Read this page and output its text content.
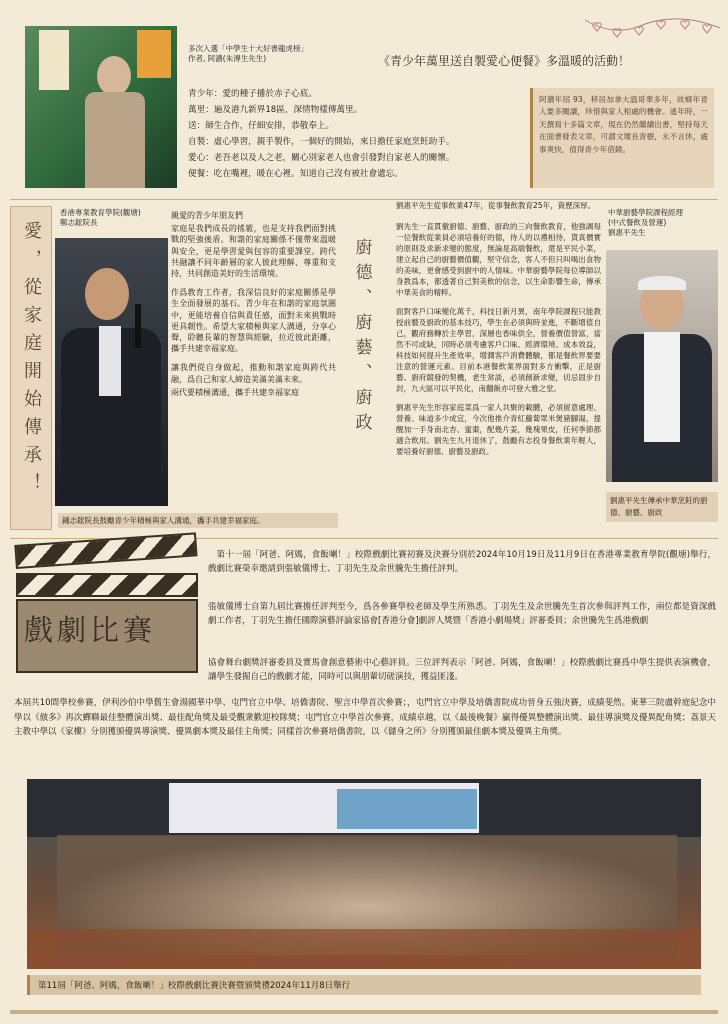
多次入選「中學生十大好書龍虎榜」
作者, 阿濃(朱溥生先生)	《青少年萬里送自製愛心便餐》多溫暖的活動！
青少年：愛的種子播於赤子心底。
萬里：遍及港九新界18區，深情物樣傳萬里。
送：師生合作，仔細安排，恭敬奉上。
自製：虛心學習，親手製作，一個好的開始，來日擔任家庭烹飪助手。
愛心：老吾老以及人之老，關心別家老人也會引發對自家老人的關懷。
便餐：吃在嘴裡，暖在心裡。知道自己沒有被社會遺忘。
阿濃年屆 93，移居加拿大溫哥華多年，故鄉年青人要多關讀，珍惜與家人相處的機會。遙年時，一天撰寫十多篇文章，現在仍然繼續出書，堅持每天在面書發表文章，可謂文壇長青樹，永不言休，處事爽快，值得青少年借鏡。
愛，從家庭開始傳承！
香港專業教育學院(觀塘)
鄭志鋐院長
親愛的青少年朋友們
家庭是我們成長的搖籃，也是支持我們面對挑戰的堅強後盾。和諧的家庭關係不僅帶來溫暖與安全，更是學習愛與包容的重要課堂。跨代共融讓不同年齡層的家人彼此理解、尊重和支持，共同創造美好的生活環境。
作爲教育工作者，我深信良好的家庭關係是學生全面發展的基石。青少年在和諧的家庭氛圍中，更能培養自信與責任感，面對未來挑戰時更具韌性。希望大家積極與家人溝通，分享心聲，聆聽長輩的智慧與經驗，拉近彼此距離，攜手共建幸福家庭。
讓我們從自身做起，推動和諧家庭與跨代共融，爲自己和家人締造美滿美滿未來。
兩代要積極溝通，攜手共建幸福家庭
鍾志鋐院長鼓勵青少年積極與家人溝通，攜手共建幸福家庭。
廚德、廚藝、廚政
劉惠平先生從事飲業47年，從事餐飲教育25年，資歷深厚。
劉先生一直貫徹廚德、廚藝、廚政的三向餐飲教育，他強調每一位餐飲從業員必須培養好的德，待人的以禮相待，貨真價實的原則及求新求變的態度，無論是高端餐飲，還是平民小菜，建立起自己的廚藝價值觀，堅守信念，客人不但只叫喝出食物的美味，更會感受到廚中的人情味。中華廚藝學院每位導師以身教爲本，都透著自己對美飲的信念，以生命影響生命，傳承中華美食的精粹。
面對客戶口味變化萬千，科技日新月異，南年學院課程只能教授前藝及廚政的基本技巧，學生在必須與時並進，不斷增值自己，觀府務轉於主學習，深層也香味供全，營養價值營富，當然不可或缺，同時必須考慮客戶口味、經濟環境、成本效益，科技如何提升生產效率，增潤客戶消費體驗，都是餐飲界要要注意的營運元素。目前本港餐飲業界面對多方衝擊，正是廚藝、廚府競發的契機，老生常談，必須創新求變，切忌固步自封，九大區可以平民化，南翻飯亦可登大雅之堂。
劉惠平先生形容家庭菜爲一家人共聚的載體，必須留意處理、營養、味道多少成宜，今次他推介青紅蘿蔔眾米煲豬腳湯，提醒加一手身南北杏、蜜棗，配幾片姜，幾塊果皮，任何季節都適合飲用。劉先生九月退休了，鼓勵有志投身餐飲業年輕人，要培養好廚德、廚藝及廚政。
中華廚藝學院課程經理
(中式餐飲及營運)
劉惠平先生
劉惠平先生傳承中華烹飪的廚德、廚藝、廚政
戲劇比賽
第十一屆「阿爸、阿媽，食飯喇！」校際戲劇比賽初賽及決賽分別於2024年10月19日及11月9日在香港專業教育學院(觀塘)舉行，戲劇比賽榮幸邀請到張敏儀博士、丁羽先生及余世騰先生擔任評判。
張敏儀博士自第九屆比賽擔任評判至今，爲各參賽學校老師及學生所熟悉。丁羽先生及余世騰先生首次參與評判工作，兩位都是資深戲劇工作者，丁羽先生擔任國際演藝評論家協會[香港分會]劇評人獎暨「香港小劇場獎」評審委員；余世騰先生爲港戲劇
協會舞台劇獎評審委員及實馬會創意藝術中心藝評員。三位評判表示「阿爸、阿媽，食飯喇！」校際戲劇比賽爲中學生提供表演機會，讓學生發掘自己的戲劇才能，同時可以與朋輩切磋演技，獲益匪淺。
本屆共10間學校參賽，伊利沙伯中學舊生會湯國華中學、屯門官立中學、培僑書院、聖言中學首次參賽；，屯門官立中學及培僑書院成功晉身五強決賽，成績斐然。東華三院盧幹庭紀念中學以《倣多》再次蟬聯最佳整體演出獎、最佳配角獎及最受觀衆歡迎校隊獎；屯門官立中學首次參賽，成績卓越，以《最後晚餐》贏得優異整體演出獎、最佳導演獎及優異配角獎；荔景天主教中學以《家樓》分別獲頒優異導演獎、優異劇本獎及最佳主角獎；同樣首次參賽培僑書院，以《儲身之所》分別獲頒最佳劇本獎及優異主角獎。
第11屆「阿爸、阿媽，食飯喇！」校際戲劇比賽決賽暨頒獎禮2024年11月8日舉行
